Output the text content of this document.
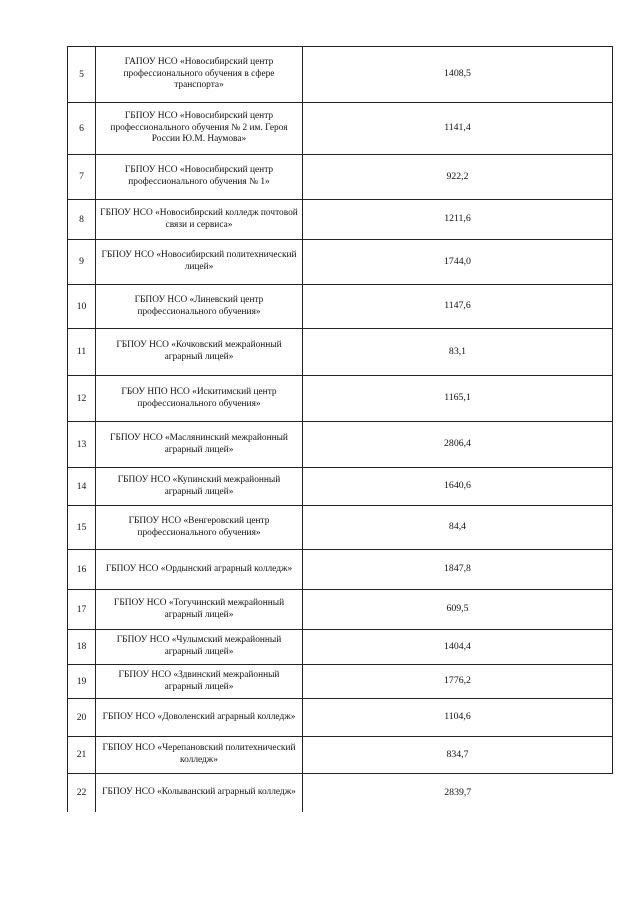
5	ГАПОУ НСО «Новосибирский центр профессионального обучения в сфере транспорта»	1408,5
6	ГБПОУ НСО «Новосибирский центр профессионального обучения № 2 им. Героя России Ю.М. Наумова»	1141,4
7	ГБПОУ НСО «Новосибирский центр профессионального обучения № 1»	922,2
8	ГБПОУ НСО «Новосибирский колледж почтовой связи и сервиса»	1211,6
9	ГБПОУ НСО «Новосибирский политехнический лицей»	1744,0
10	ГБПОУ НСО «Линевский центр профессионального обучения»	1147,6
11	ГБПОУ НСО «Кочковский межрайонный аграрный лицей»	83,1
12	ГБОУ НПО НСО «Искитимский центр профессионального обучения»	1165,1
13	ГБПОУ НСО «Маслянинский межрайонный аграрный лицей»	2806,4
14	ГБПОУ НСО «Купинский межрайонный аграрный лицей»	1640,6
15	ГБПОУ НСО «Венгеровский центр профессионального обучения»	84,4
16	ГБПОУ НСО «Ордынский аграрный колледж»	1847,8
17	ГБПОУ НСО «Тогучинский межрайонный аграрный лицей»	609,5
18	ГБПОУ НСО «Чулымский межрайонный аграрный лицей»	1404,4
19	ГБПОУ НСО «Здвинский межрайонный аграрный лицей»	1776,2
20	ГБПОУ НСО «Доволенский аграрный колледж»	1104,6
21	ГБПОУ НСО «Черепановский политехнический колледж»	834,7
22	ГБПОУ НСО «Колыванский аграрный колледж»	2839,7
